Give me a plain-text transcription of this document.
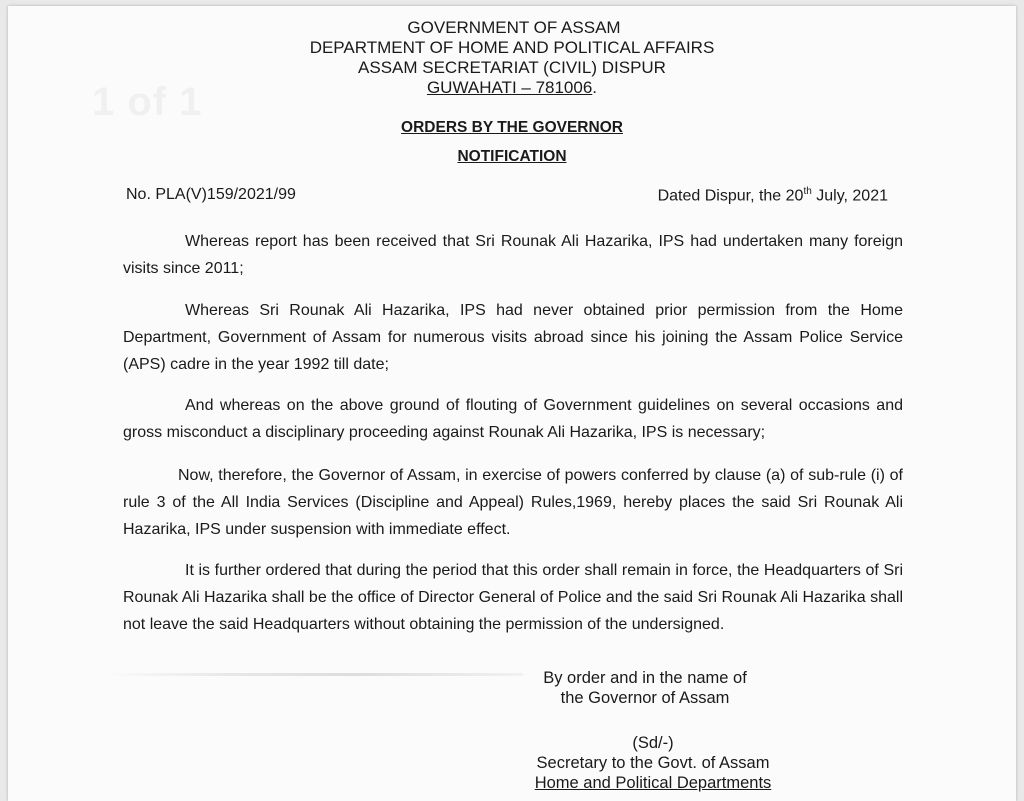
1 of 1
GOVERNMENT OF ASSAM
DEPARTMENT OF HOME AND POLITICAL AFFAIRS
ASSAM SECRETARIAT (CIVIL) DISPUR
GUWAHATI – 781006.
ORDERS BY THE GOVERNOR
NOTIFICATION
No. PLA(V)159/2021/99	Dated Dispur, the 20th July, 2021

Whereas report has been received that Sri Rounak Ali Hazarika, IPS had undertaken many foreign visits since 2011;

Whereas Sri Rounak Ali Hazarika, IPS had never obtained prior permission from the Home Department, Government of Assam for numerous visits abroad since his joining the Assam Police Service (APS) cadre in the year 1992 till date;

And whereas on the above ground of flouting of Government guidelines on several occasions and gross misconduct a disciplinary proceeding against Rounak Ali Hazarika, IPS is necessary;

Now, therefore, the Governor of Assam, in exercise of powers conferred by clause (a) of sub-rule (i) of rule 3 of the All India Services (Discipline and Appeal) Rules,1969, hereby places the said Sri Rounak Ali Hazarika, IPS under suspension with immediate effect.

It is further ordered that during the period that this order shall remain in force, the Headquarters of Sri Rounak Ali Hazarika shall be the office of Director General of Police and the said Sri Rounak Ali Hazarika shall not leave the said Headquarters without obtaining the permission of the undersigned.

By order and in the name of
the Governor of Assam
(Sd/-)
Secretary to the Govt. of Assam
Home and Political Departments
